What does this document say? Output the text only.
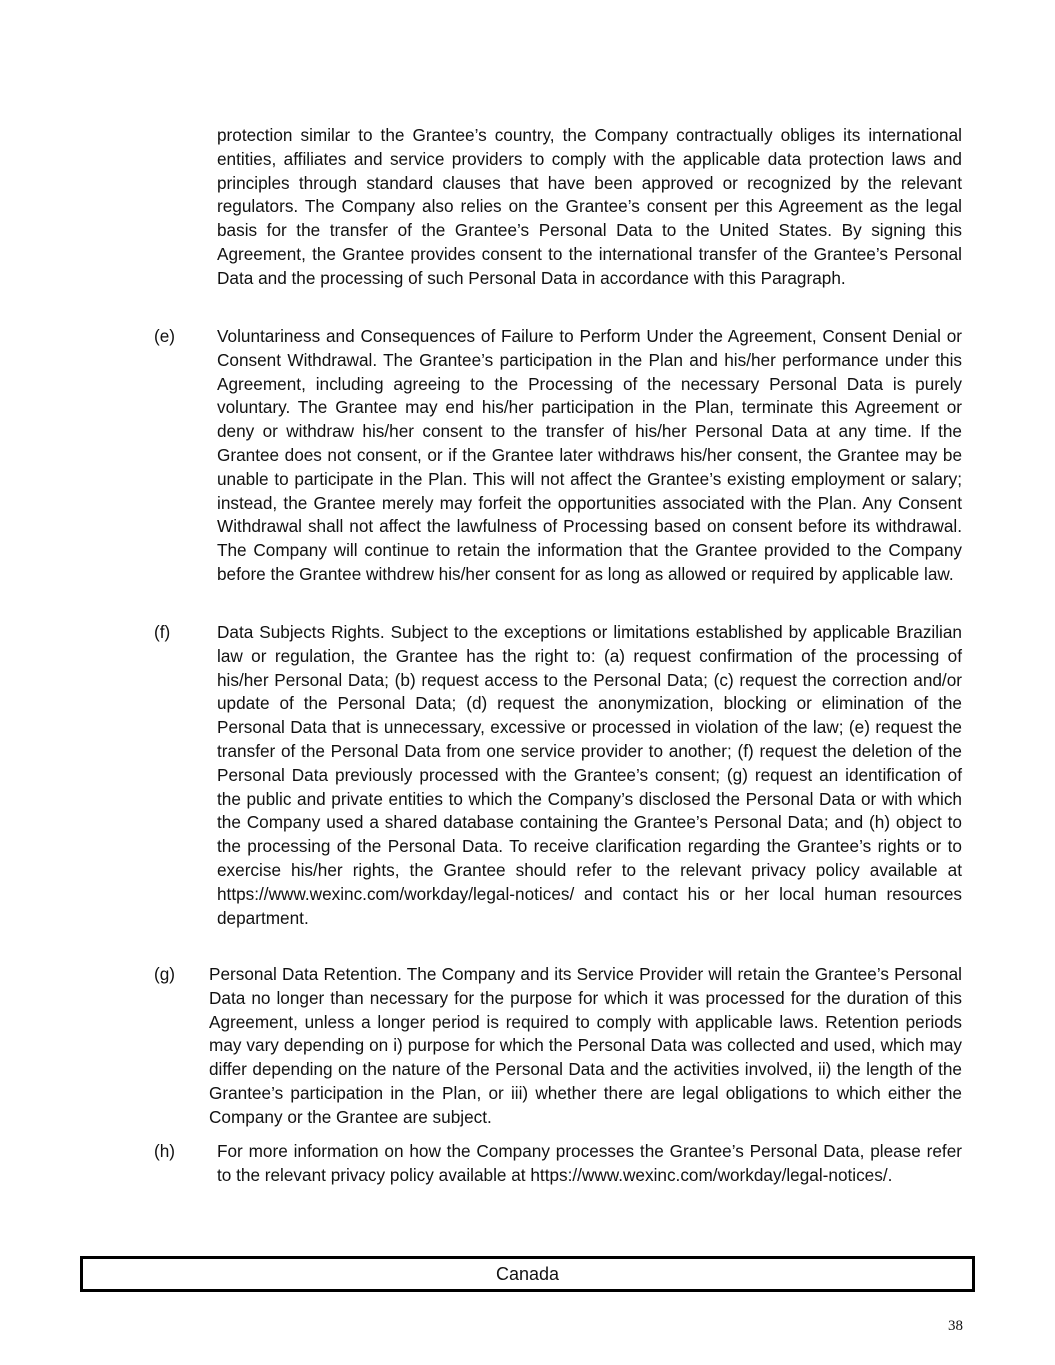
protection similar to the Grantee’s country, the Company contractually obliges its international entities, affiliates and service providers to comply with the applicable data protection laws and principles through standard clauses that have been approved or recognized by the relevant regulators. The Company also relies on the Grantee’s consent per this Agreement as the legal basis for the transfer of the Grantee’s Personal Data to the United States. By signing this Agreement, the Grantee provides consent to the international transfer of the Grantee’s Personal Data and the processing of such Personal Data in accordance with this Paragraph.

(e) Voluntariness and Consequences of Failure to Perform Under the Agreement, Consent Denial or Consent Withdrawal. The Grantee’s participation in the Plan and his/her performance under this Agreement, including agreeing to the Processing of the necessary Personal Data is purely voluntary. The Grantee may end his/her participation in the Plan, terminate this Agreement or deny or withdraw his/her consent to the transfer of his/her Personal Data at any time. If the Grantee does not consent, or if the Grantee later withdraws his/her consent, the Grantee may be unable to participate in the Plan. This will not affect the Grantee’s existing employment or salary; instead, the Grantee merely may forfeit the opportunities associated with the Plan. Any Consent Withdrawal shall not affect the lawfulness of Processing based on consent before its withdrawal. The Company will continue to retain the information that the Grantee provided to the Company before the Grantee withdrew his/her consent for as long as allowed or required by applicable law.

(f)	Data Subjects Rights. Subject to the exceptions or limitations established by applicable Brazilian law or regulation, the Grantee has the right to: (a) request confirmation of the processing of his/her Personal Data; (b) request access to the Personal Data; (c) request the correction and/or update of the Personal Data; (d) request the anonymization, blocking or elimination of the Personal Data that is unnecessary, excessive or processed in violation of the law; (e) request the transfer of the Personal Data from one service provider to another; (f) request the deletion of the Personal Data previously processed with the Grantee’s consent; (g) request an identification of the public and private entities to which the Company’s disclosed the Personal Data or with which the Company used a shared database containing the Grantee’s Personal Data; and (h) object to the processing of the Personal Data. To receive clarification regarding the Grantee’s rights or to exercise his/her rights, the Grantee should refer to the relevant privacy policy available at https://www.wexinc.com/workday/legal-notices/ and contact his or her local human resources department.

(g) Personal Data Retention. The Company and its Service Provider will retain the Grantee’s Personal Data no longer than necessary for the purpose for which it was processed for the duration of this Agreement, unless a longer period is required to comply with applicable laws. Retention periods may vary depending on i) purpose for which the Personal Data was collected and used, which may differ depending on the nature of the Personal Data and the activities involved, ii) the length of the Grantee’s participation in the Plan, or iii) whether there are legal obligations to which either the Company or the Grantee are subject.

(h) For more information on how the Company processes the Grantee’s Personal Data, please refer to the relevant privacy policy available at https://www.wexinc.com/workday/legal-notices/.

Canada
38
